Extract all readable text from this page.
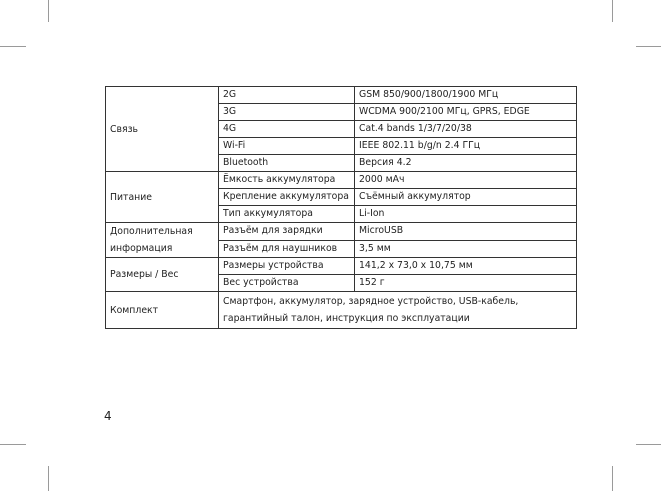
Связь	2G	GSM 850/900/1800/1900 МГц
	3G	WCDMA 900/2100 МГц, GPRS, EDGE
	4G	Cat.4 bands 1/3/7/20/38
	Wi-Fi	IEEE 802.11 b/g/n 2.4 ГГц
	Bluetooth	Версия 4.2
Питание	Ёмкость аккумулятора	2000 мАч
	Крепление аккумулятора	Съёмный аккумулятор
	Тип аккумулятора	Li-Ion
Дополнительная информация	Разъём для зарядки	MicroUSB
	Разъём для наушников	3,5 мм
Размеры / Вес	Размеры устройства	141,2 x 73,0 x 10,75 мм
	Вес устройства	152 г
Комплект	Смартфон, аккумулятор, зарядное устройство, USB-кабель, гарантийный талон, инструкция по эксплуатации	
4
